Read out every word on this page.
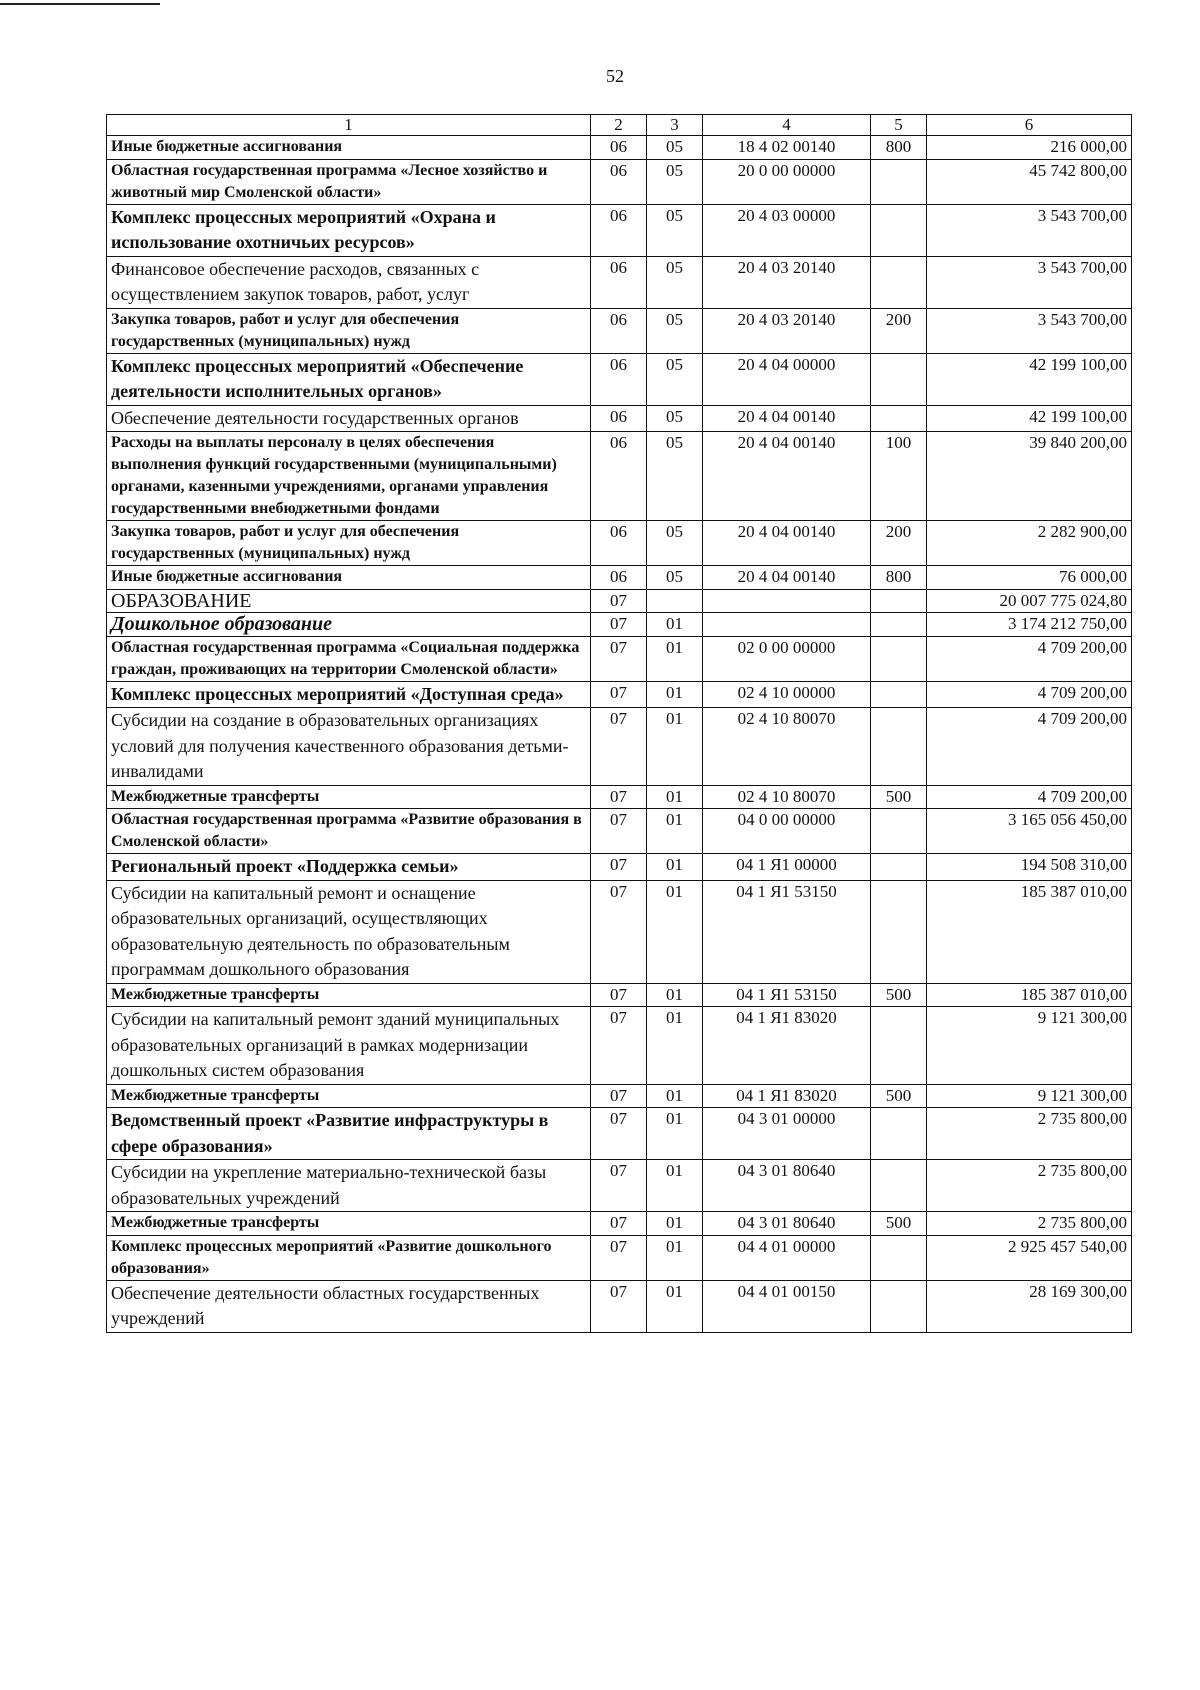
52
1	2	3	4	5	6
Иные бюджетные ассигнования	06	05	18 4 02 00140	800	216 000,00
Областная государственная программа «Лесное хозяйство и животный мир Смоленской области»	06	05	20 0 00 00000		45 742 800,00
Комплекс процессных мероприятий «Охрана и использование охотничьих ресурсов»	06	05	20 4 03 00000		3 543 700,00
Финансовое обеспечение расходов, связанных с осуществлением закупок товаров, работ, услуг	06	05	20 4 03 20140		3 543 700,00
Закупка товаров, работ и услуг для обеспечения государственных (муниципальных) нужд	06	05	20 4 03 20140	200	3 543 700,00
Комплекс процессных мероприятий «Обеспечение деятельности исполнительных органов»	06	05	20 4 04 00000		42 199 100,00
Обеспечение деятельности государственных органов	06	05	20 4 04 00140		42 199 100,00
Расходы на выплаты персоналу в целях обеспечения выполнения функций государственными (муниципальными) органами, казенными учреждениями, органами управления государственными внебюджетными фондами	06	05	20 4 04 00140	100	39 840 200,00
Закупка товаров, работ и услуг для обеспечения государственных (муниципальных) нужд	06	05	20 4 04 00140	200	2 282 900,00
Иные бюджетные ассигнования	06	05	20 4 04 00140	800	76 000,00
ОБРАЗОВАНИЕ	07				20 007 775 024,80
Дошкольное образование	07	01			3 174 212 750,00
Областная государственная программа «Социальная поддержка граждан, проживающих на территории Смоленской области»	07	01	02 0 00 00000		4 709 200,00
Комплекс процессных мероприятий «Доступная среда»	07	01	02 4 10 00000		4 709 200,00
Субсидии на создание в образовательных организациях условий для получения качественного образования детьми-инвалидами	07	01	02 4 10 80070		4 709 200,00
Межбюджетные трансферты	07	01	02 4 10 80070	500	4 709 200,00
Областная государственная программа «Развитие образования в Смоленской области»	07	01	04 0 00 00000		3 165 056 450,00
Региональный проект «Поддержка семьи»	07	01	04 1 Я1 00000		194 508 310,00
Субсидии на капитальный ремонт и оснащение образовательных организаций, осуществляющих образовательную деятельность по образовательным программам дошкольного образования	07	01	04 1 Я1 53150		185 387 010,00
Межбюджетные трансферты	07	01	04 1 Я1 53150	500	185 387 010,00
Субсидии на капитальный ремонт зданий муниципальных образовательных организаций в рамках модернизации дошкольных систем образования	07	01	04 1 Я1 83020		9 121 300,00
Межбюджетные трансферты	07	01	04 1 Я1 83020	500	9 121 300,00
Ведомственный проект «Развитие инфраструктуры в сфере образования»	07	01	04 3 01 00000		2 735 800,00
Субсидии на укрепление материально-технической базы образовательных учреждений	07	01	04 3 01 80640		2 735 800,00
Межбюджетные трансферты	07	01	04 3 01 80640	500	2 735 800,00
Комплекс процессных мероприятий «Развитие дошкольного образования»	07	01	04 4 01 00000		2 925 457 540,00
Обеспечение деятельности областных государственных учреждений	07	01	04 4 01 00150		28 169 300,00
